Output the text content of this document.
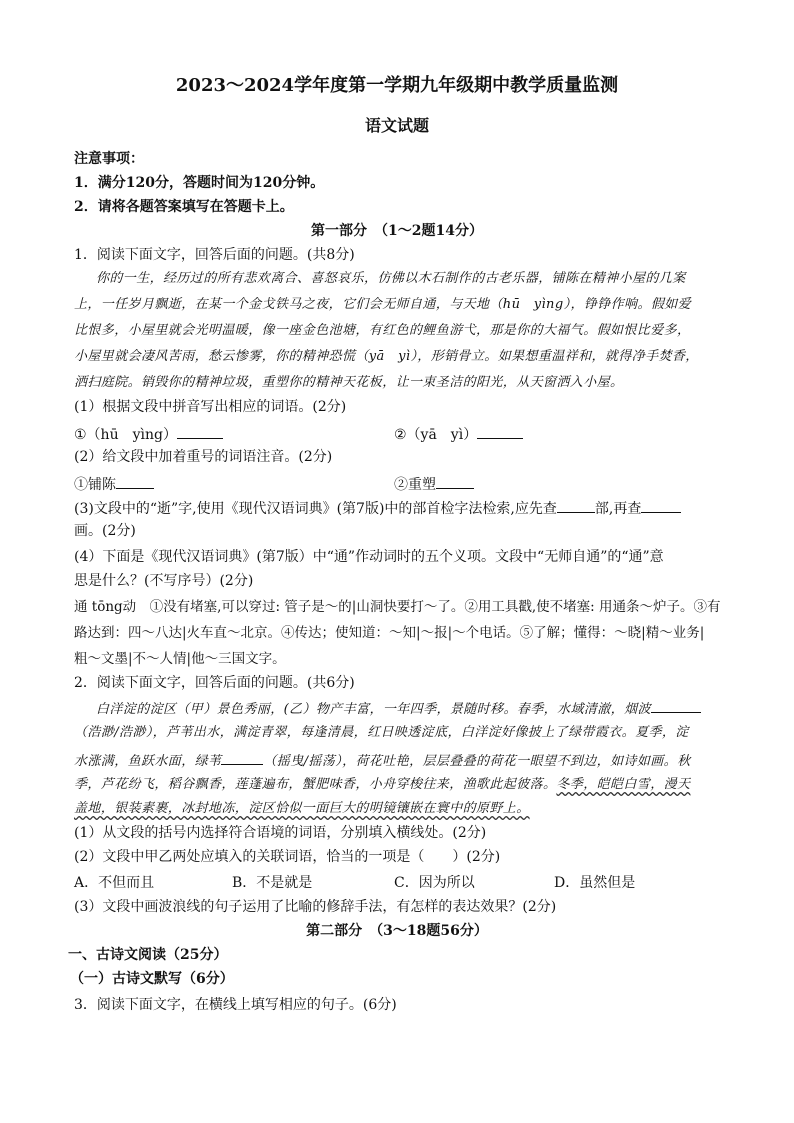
2023～2024学年度第一学期九年级期中教学质量监测
语文试题
注意事项：
1．满分120分，答题时间为120分钟。
2．请将各题答案填写在答题卡上。
第一部分　（1～2题14分）
1．阅读下面文字，回答后面的问题。(共8分)
你的一生，经历过的所有悲欢离合、喜怒哀乐，仿佛以木石制作的古老乐器，铺陈在精神小屋的几案
上，一任岁月飘逝，在某一个金戈铁马之夜，它们会无师自通，与天地（hū　yìng），铮铮作响。假如爱
比恨多，小屋里就会光明温暖，像一座金色池塘，有红色的鲤鱼游弋，那是你的大福气。假如恨比爱多，
小屋里就会凄风苦雨，愁云惨雾，你的精神恐慌（yā　yì），形销骨立。如果想重温祥和，就得净手焚香，
洒扫庭院。销毁你的精神垃圾，重塑你的精神天花板，让一束圣洁的阳光，从天窗洒入小屋。
(1）根据文段中拼音写出相应的词语。(2分)
①（hū　yìng）	②（yā　yì）
(2）给文段中加着重号的词语注音。(2分)
①铺陈	②重塑
(3)文段中的“逝”字,使用《现代汉语词典》(第7版)中的部首检字法检索,应先查	部,再查
画。(2分)
(4）下面是《现代汉语词典》(第7版）中“通”作动词时的五个义项。文段中“无师自通”的“通”意
思是什么？(不写序号）(2分)
通 tōng动　①没有堵塞,可以穿过: 管子是～的|山洞快要打～了。②用工具戳,使不堵塞: 用通条～炉子。③有
路达到：四～八达|火车直～北京。④传达；使知道：～知|～报|～个电话。⑤了解；懂得：～晓|精～业务|
粗～文墨|不～人情|他～三国文字。
2．阅读下面文字，回答后面的问题。(共6分)
白洋淀的淀区（甲）景色秀丽，(乙）物产丰富，一年四季，景随时移。春季，水域清澈，烟波
（浩渺/浩渺），芦苇出水，满淀青翠，每逢清晨，红日映透淀底，白洋淀好像披上了绿带霞衣。夏季，淀
水涨满，鱼跃水面，绿苇	（摇曳/摇荡），荷花吐艳，层层叠叠的荷花一眼望不到边，如诗如画。秋
季，芦花纷飞，稻谷飘香，莲蓬遍布，蟹肥味香，小舟穿梭往来，渔歌此起彼落。冬季，皑皑白雪，漫天
盖地，银装素裹，冰封地冻，淀区恰似一面巨大的明镜镶嵌在寰中的原野上。
(1）从文段的括号内选择符合语境的词语，分别填入横线处。(2分)
(2）文段中甲乙两处应填入的关联词语，恰当的一项是（　　）(2分)
A．不但而且	B．不是就是	C．因为所以	D．虽然但是
(3）文段中画波浪线的句子运用了比喻的修辞手法，有怎样的表达效果？(2分)
第二部分　（3～18题56分）
一、古诗文阅读（25分）
（一）古诗文默写（6分）
3．阅读下面文字，在横线上填写相应的句子。(6分)
